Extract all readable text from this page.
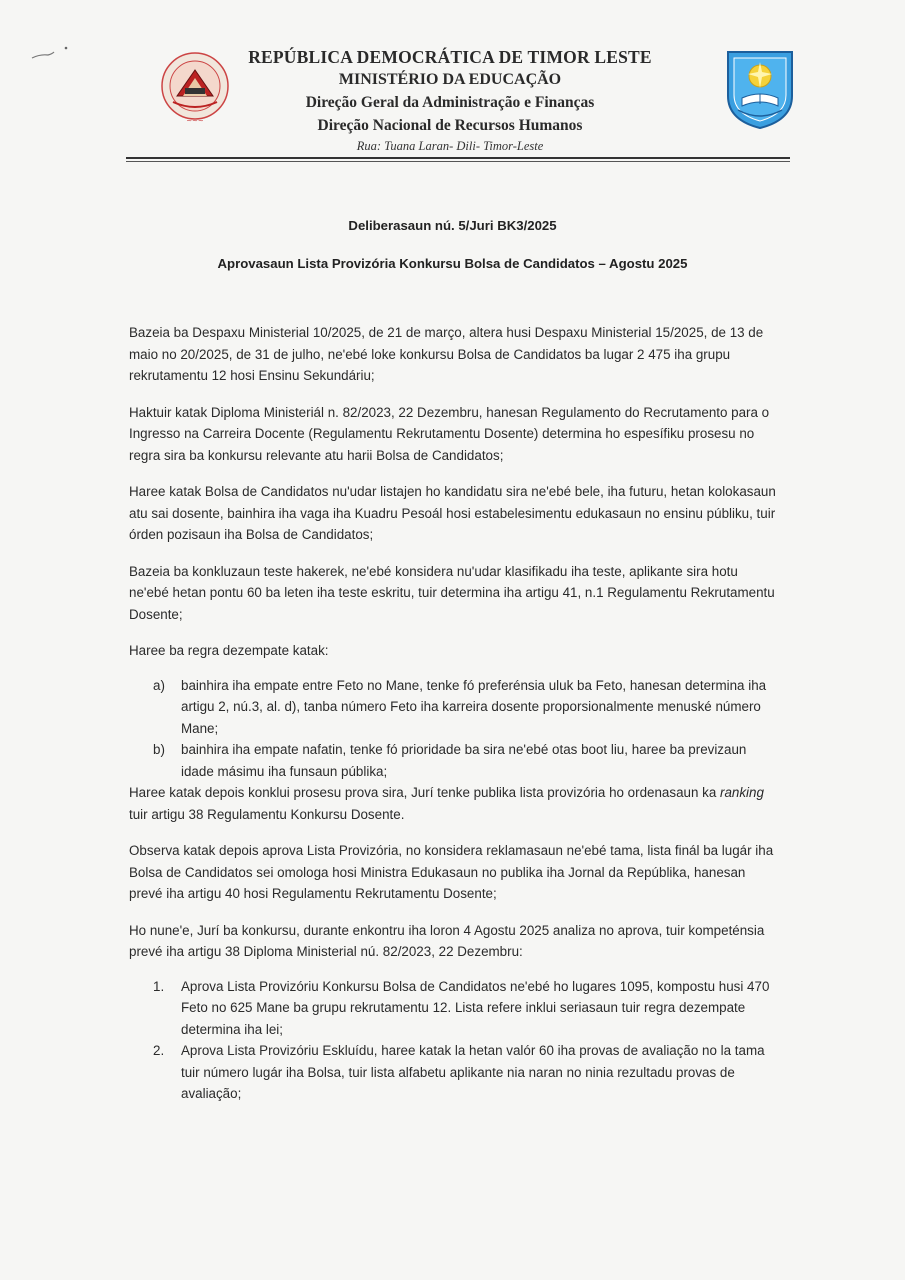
~~~
REPÚBLICA DEMOCRÁTICA DE TIMOR LESTE
MINISTÉRIO DA EDUCAÇÃO
Direção Geral da Administração e Finanças
Direção Nacional de Recursos Humanos
Rua: Tuana Laran- Dili- Timor-Leste
Deliberasaun nú. 5/Juri BK3/2025
Aprovasaun Lista Provizória Konkursu Bolsa de Candidatos – Agostu 2025

Bazeia ba Despaxu Ministerial 10/2025, de 21 de março, altera husi Despaxu Ministerial 15/2025, de 13 de maio no 20/2025, de 31 de julho, ne'ebé loke konkursu Bolsa de Candidatos ba lugar 2 475 iha grupu rekrutamentu 12 hosi Ensinu Sekundáriu;

Haktuir katak Diploma Ministeriál n. 82/2023, 22 Dezembru, hanesan Regulamento do Recrutamento para o Ingresso na Carreira Docente (Regulamentu Rekrutamentu Dosente) determina ho espesífiku prosesu no regra sira ba konkursu relevante atu harii Bolsa de Candidatos;

Haree katak Bolsa de Candidatos nu'udar listajen ho kandidatu sira ne'ebé bele, iha futuru, hetan kolokasaun atu sai dosente, bainhira iha vaga iha Kuadru Pesoál hosi estabelesimentu edukasaun no ensinu públiku, tuir órden pozisaun iha Bolsa de Candidatos;

Bazeia ba konkluzaun teste hakerek, ne'ebé konsidera nu'udar klasifikadu iha teste, aplikante sira hotu ne'ebé hetan pontu 60 ba leten iha teste eskritu, tuir determina iha artigu 41, n.1 Regulamentu Rekrutamentu Dosente;

Haree ba regra dezempate katak:

a) bainhira iha empate entre Feto no Mane, tenke fó preferénsia uluk ba Feto, hanesan determina iha artigu 2, nú.3, al. d), tanba número Feto iha karreira dosente proporsionalmente menuské número Mane;
b) bainhira iha empate nafatin, tenke fó prioridade ba sira ne'ebé otas boot liu, haree ba previzaun idade másimu iha funsaun públika;

Haree katak depois konklui prosesu prova sira, Jurí tenke publika lista provizória ho ordenasaun ka ranking tuir artigu 38 Regulamentu Konkursu Dosente.

Observa katak depois aprova Lista Provizória, no konsidera reklamasaun ne'ebé tama, lista finál ba lugár iha Bolsa de Candidatos sei omologa hosi Ministra Edukasaun no publika iha Jornal da Repúblika, hanesan prevé iha artigu 40 hosi Regulamentu Rekrutamentu Dosente;

Ho nune'e, Jurí ba konkursu, durante enkontru iha loron 4 Agostu 2025 analiza no aprova, tuir kompeténsia prevé iha artigu 38 Diploma Ministerial nú. 82/2023, 22 Dezembru:

1. Aprova Lista Provizóriu Konkursu Bolsa de Candidatos ne'ebé ho lugares 1095, kompostu husi 470 Feto no 625 Mane ba grupu rekrutamentu 12. Lista refere inklui seriasaun tuir regra dezempate determina iha lei;
2. Aprova Lista Provizóriu Eskluídu, haree katak la hetan valór 60 iha provas de avaliação no la tama tuir número lugár iha Bolsa, tuir lista alfabetu aplikante nia naran no ninia rezultadu provas de avaliação;
